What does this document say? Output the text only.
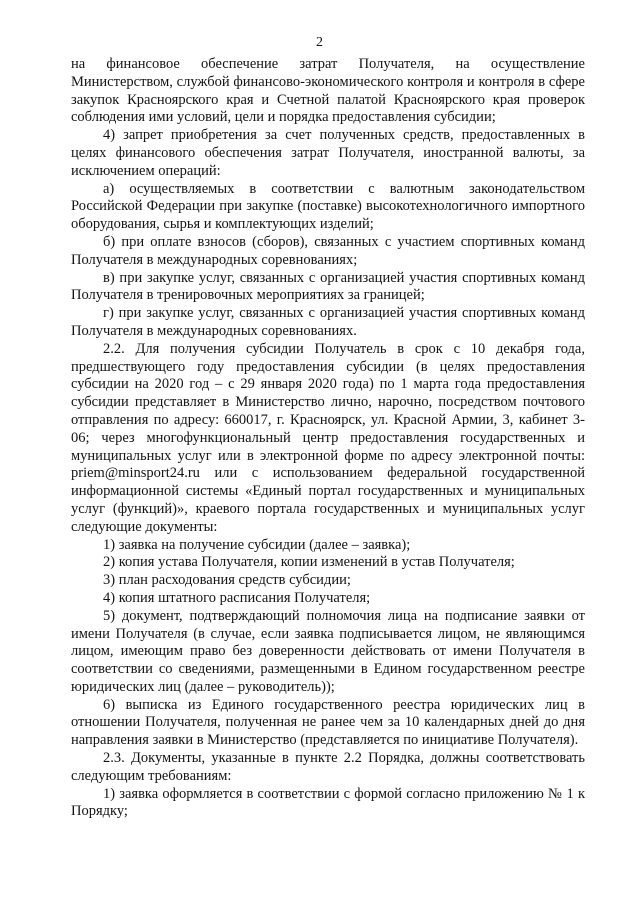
2

на финансовое обеспечение затрат Получателя, на осуществление Министерством, службой финансово-экономического контроля и контроля в сфере закупок Красноярского края и Счетной палатой Красноярского края проверок соблюдения ими условий, цели и порядка предоставления субсидии;

4) запрет приобретения за счет полученных средств, предоставленных в целях финансового обеспечения затрат Получателя, иностранной валюты, за исключением операций:

а) осуществляемых в соответствии с валютным законодательством Российской Федерации при закупке (поставке) высокотехнологичного импортного оборудования, сырья и комплектующих изделий;

б) при оплате взносов (сборов), связанных с участием спортивных команд Получателя в международных соревнованиях;

в) при закупке услуг, связанных с организацией участия спортивных команд Получателя в тренировочных мероприятиях за границей;

г) при закупке услуг, связанных с организацией участия спортивных команд Получателя в международных соревнованиях.

2.2. Для получения субсидии Получатель в срок с 10 декабря года, предшествующего году предоставления субсидии (в целях предоставления субсидии на 2020 год – с 29 января 2020 года) по 1 марта года предоставления субсидии представляет в Министерство лично, нарочно, посредством почтового отправления по адресу: 660017, г. Красноярск, ул. Красной Армии, 3, кабинет 3-06; через многофункциональный центр предоставления государственных и муниципальных услуг или в электронной форме по адресу электронной почты: priem@minsport24.ru или с использованием федеральной государственной информационной системы «Единый портал государственных и муниципальных услуг (функций)», краевого портала государственных и муниципальных услуг следующие документы:

1) заявка на получение субсидии (далее – заявка);

2) копия устава Получателя, копии изменений в устав Получателя;

3) план расходования средств субсидии;

4) копия штатного расписания Получателя;

5) документ, подтверждающий полномочия лица на подписание заявки от имени Получателя (в случае, если заявка подписывается лицом, не являющимся лицом, имеющим право без доверенности действовать от имени Получателя в соответствии со сведениями, размещенными в Едином государственном реестре юридических лиц (далее – руководитель));

6) выписка из Единого государственного реестра юридических лиц в отношении Получателя, полученная не ранее чем за 10 календарных дней до дня направления заявки в Министерство (представляется по инициативе Получателя).

2.3. Документы, указанные в пункте 2.2 Порядка, должны соответствовать следующим требованиям:

1) заявка оформляется в соответствии с формой согласно приложению № 1 к Порядку;
